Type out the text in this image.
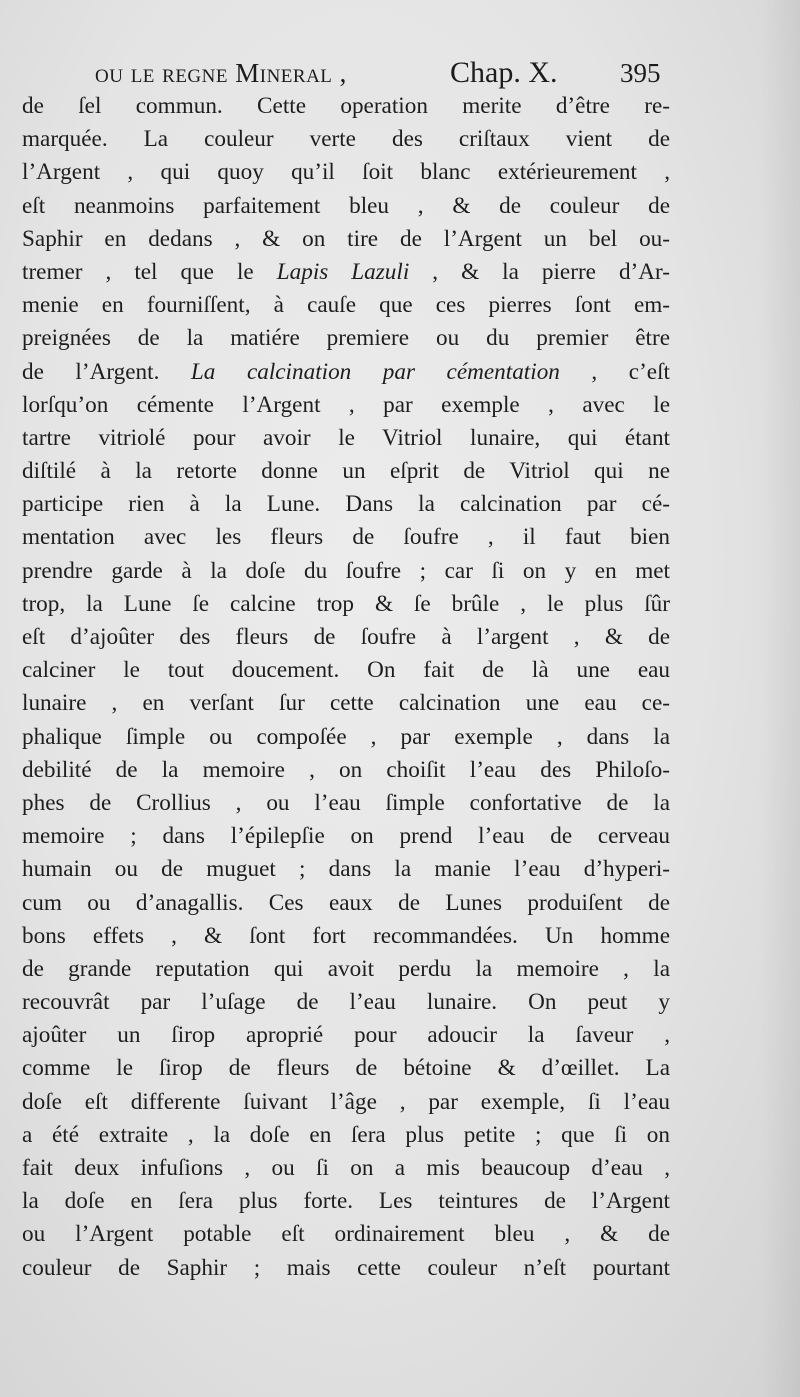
ou le regne Mineral ,	Chap. X. 395
de ſel commun. Cette operation merite d’être re-
marquée. La couleur verte des criſtaux vient de
l’Argent , qui quoy qu’il ſoit blanc extérieurement ,
eſt neanmoins parfaitement bleu , & de couleur de
Saphir en dedans , & on tire de l’Argent un bel ou-
tremer , tel que le Lapis Lazuli , & la pierre d’Ar-
menie en fourniſſent, à cauſe que ces pierres ſont em-
preignées de la matiére premiere ou du premier être
de l’Argent. La calcination par cémentation , c’eſt
lorſqu’on cémente l’Argent , par exemple , avec le
tartre vitriolé pour avoir le Vitriol lunaire, qui étant
diſtilé à la retorte donne un eſprit de Vitriol qui ne
participe rien à la Lune. Dans la calcination par cé-
mentation avec les fleurs de ſoufre , il faut bien
prendre garde à la doſe du ſoufre ; car ſi on y en met
trop, la Lune ſe calcine trop & ſe brûle , le plus ſûr
eſt d’ajoûter des fleurs de ſoufre à l’argent , & de
calciner le tout doucement. On fait de là une eau
lunaire , en verſant ſur cette calcination une eau ce-
phalique ſimple ou compoſée , par exemple , dans la
debilité de la memoire , on choiſit l’eau des Philoſo-
phes de Crollius , ou l’eau ſimple confortative de la
memoire ; dans l’épilepſie on prend l’eau de cerveau
humain ou de muguet ; dans la manie l’eau d’hyperi-
cum ou d’anagallis. Ces eaux de Lunes produiſent de
bons effets , & ſont fort recommandées. Un homme
de grande reputation qui avoit perdu la memoire , la
recouvrât par l’uſage de l’eau lunaire. On peut y
ajoûter un ſirop aproprié pour adoucir la ſaveur ,
comme le ſirop de fleurs de bétoine & d’œillet. La
doſe eſt differente ſuivant l’âge , par exemple, ſi l’eau
a été extraite , la doſe en ſera plus petite ; que ſi on
fait deux infuſions , ou ſi on a mis beaucoup d’eau ,
la doſe en ſera plus forte. Les teintures de l’Argent
ou l’Argent potable eſt ordinairement bleu , & de
couleur de Saphir ; mais cette couleur n’eſt pourtant
